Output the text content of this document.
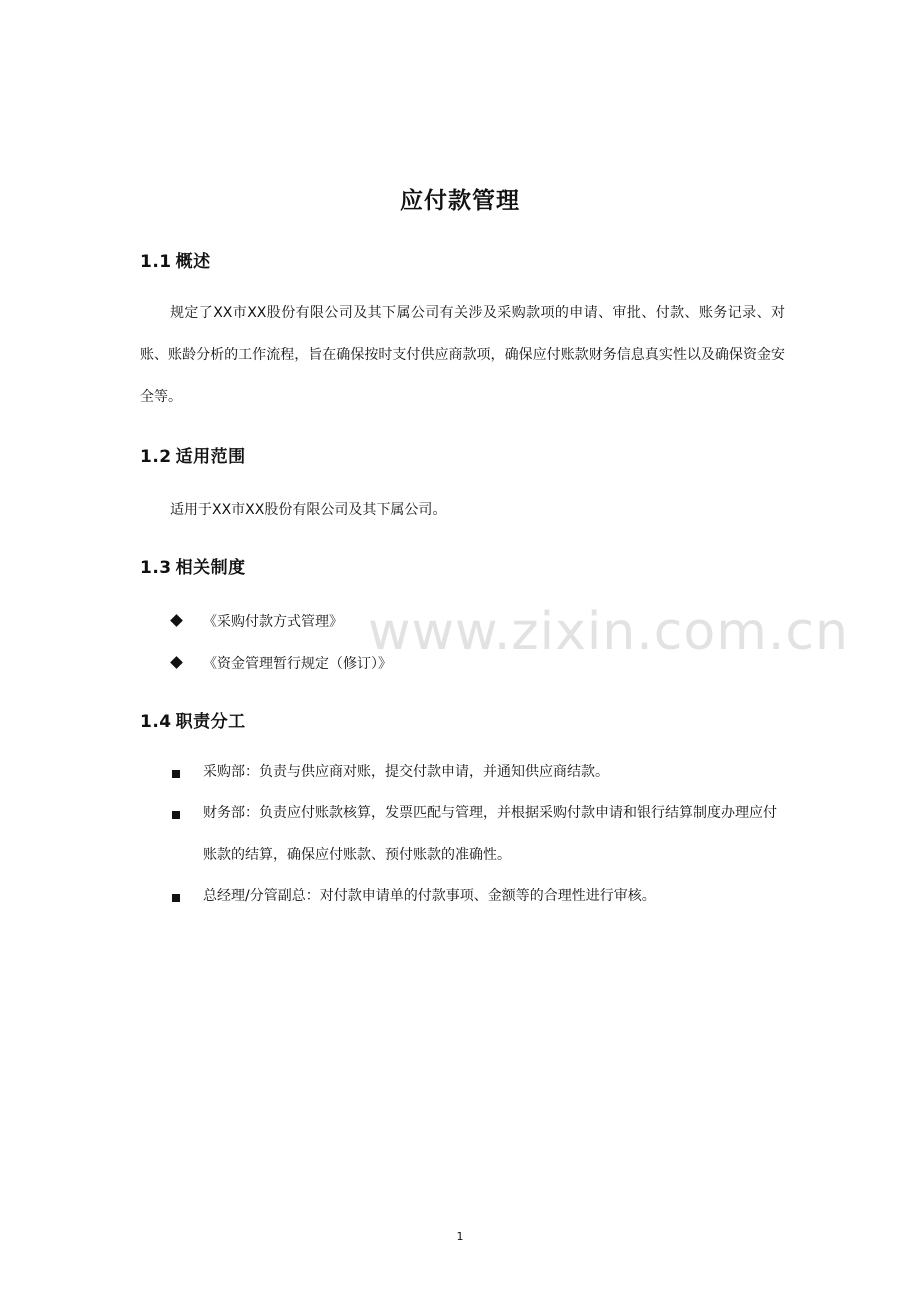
应付款管理
1.1 概述
规定了XX市XX股份有限公司及其下属公司有关涉及采购款项的申请、审批、付款、账务记录、对账、账龄分析的工作流程，旨在确保按时支付供应商款项，确保应付账款财务信息真实性以及确保资金安全等。
1.2 适用范围
适用于XX市XX股份有限公司及其下属公司。
1.3 相关制度
《采购付款方式管理》
《资金管理暂行规定（修订）》
1.4 职责分工
采购部：负责与供应商对账，提交付款申请，并通知供应商结款。
财务部：负责应付账款核算，发票匹配与管理，并根据采购付款申请和银行结算制度办理应付账款的结算，确保应付账款、预付账款的准确性。
总经理/分管副总：对付款申请单的付款事项、金额等的合理性进行审核。
www.zixin.com.cn
1
